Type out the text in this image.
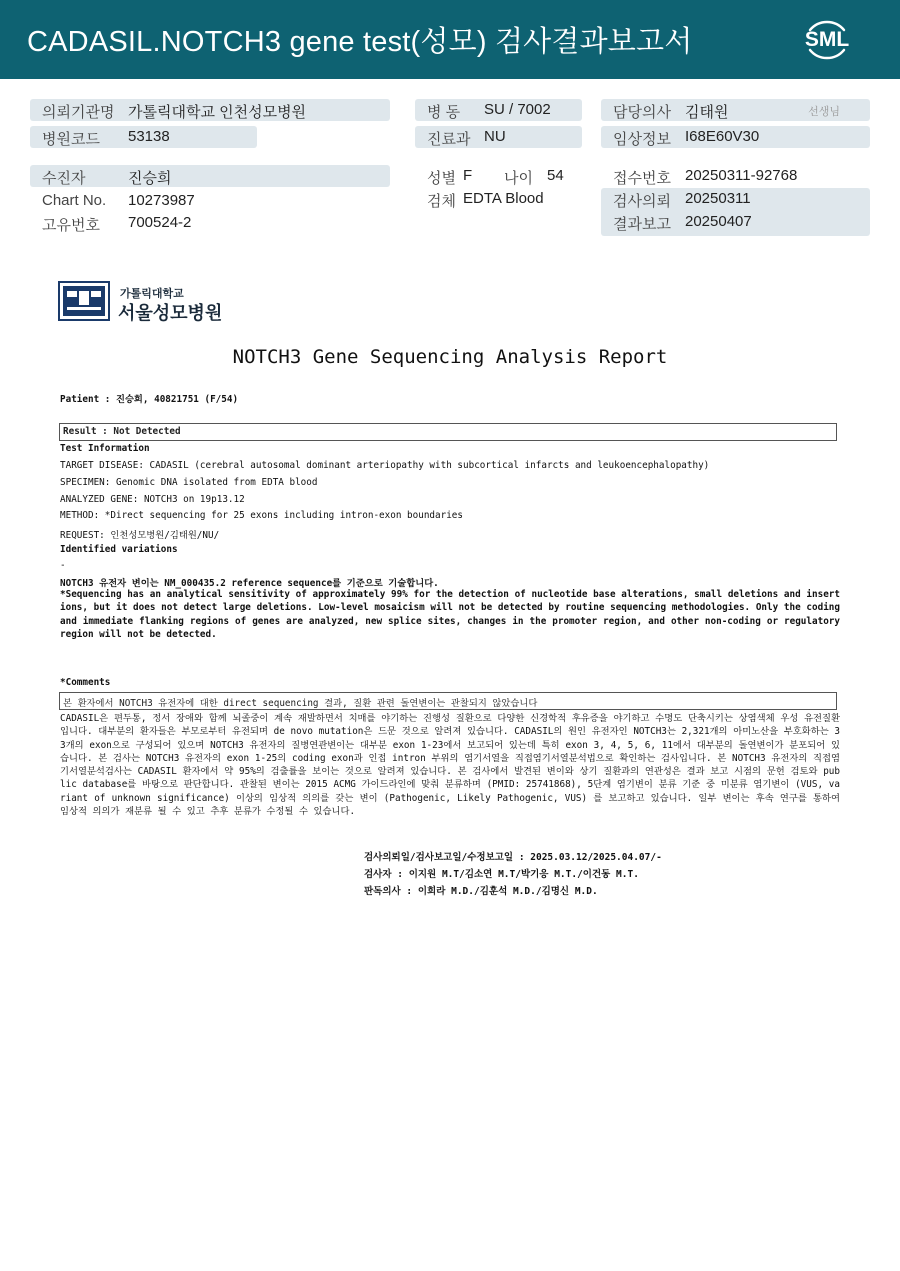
CADASIL.NOTCH3 gene test(성모) 검사결과보고서	SML
의뢰기관명 가톨릭대학교 인천성모병원
병원코드 53138
병 동 SU / 7002
진료과 NU
담당의사 김태원	선생님
임상정보 I68E60V30
수진자	진승희
Chart No. 10273987
고유번호 700524-2
성별 F 나이 54
검체 EDTA Blood
접수번호 20250311-92768
검사의뢰 20250311
결과보고 20250407
가톨릭대학교
서울성모병원
NOTCH3 Gene Sequencing Analysis Report
Patient : 진승희, 40821751 (F/54)
Result : Not Detected
Test Information
TARGET DISEASE: CADASIL (cerebral autosomal dominant arteriopathy with subcortical infarcts and leukoencephalopathy)
SPECIMEN: Genomic DNA isolated from EDTA blood
ANALYZED GENE: NOTCH3 on 19p13.12
METHOD: *Direct sequencing for 25 exons including intron-exon boundaries
REQUEST: 인천성모병원/김태원/NU/
Identified variations
-
NOTCH3 유전자 변이는 NM_000435.2 reference sequence를 기준으로 기술합니다.
*Sequencing has an analytical sensitivity of approximately 99% for the detection of nucleotide base alterations, small deletions and insertions, but it does not detect large deletions. Low-level mosaicism will not be detected by routine sequencing methodologies. Only the coding and immediate flanking regions of genes are analyzed, new splice sites, changes in the promoter region, and other non-coding or regulatory region will not be detected.
*Comments
본 환자에서 NOTCH3 유전자에 대한 direct sequencing 결과, 질환 관련 돌연변이는 관찰되지 않았습니다
CADASIL은 편두통, 정서 장애와 함께 뇌졸중이 계속 재발하면서 치매를 야기하는 진행성 질환으로 다양한 신경학적 후유증을 야기하고 수명도 단축시키는 상염색체 우성 유전질환입니다. 대부분의 환자들은 부모로부터 유전되며 de novo mutation은 드문 것으로 알려져 있습니다. CADASIL의 원인 유전자인 NOTCH3는 2,321개의 아미노산을 부호화하는 33개의 exon으로 구성되어 있으며 NOTCH3 유전자의 질병연관변이는 대부분 exon 1-23에서 보고되어 있는데 특히 exon 3, 4, 5, 6, 11에서 대부분의 돌연변이가 분포되어 있습니다. 본 검사는 NOTCH3 유전자의 exon 1-25의 coding exon과 인접 intron 부위의 염기서열을 직접염기서열분석법으로 확인하는 검사입니다. 본 NOTCH3 유전자의 직접염기서열분석검사는 CADASIL 환자에서 약 95%의 검출률을 보이는 것으로 알려져 있습니다. 본 검사에서 발견된 변이와 상기 질환과의 연관성은 결과 보고 시점의 문헌 검토와 public database를 바탕으로 판단합니다. 관찰된 변이는 2015 ACMG 가이드라인에 맞춰 분류하며 (PMID: 25741868), 5단계 염기변이 분류 기준 중 미분류 염기변이 (VUS, variant of unknown significance) 이상의 임상적 의의를 갖는 변이 (Pathogenic, Likely Pathogenic, VUS) 를 보고하고 있습니다. 일부 변이는 후속 연구를 통하여 임상적 의의가 재분류 될 수 있고 추후 분류가 수정될 수 있습니다.
검사의뢰일/검사보고일/수정보고일 : 2025.03.12/2025.04.07/-
검사자 : 이지원 M.T/김소연 M.T/박기응 M.T./이건동 M.T.
판독의사 : 이희라 M.D./김훈석 M.D./김명신 M.D.
